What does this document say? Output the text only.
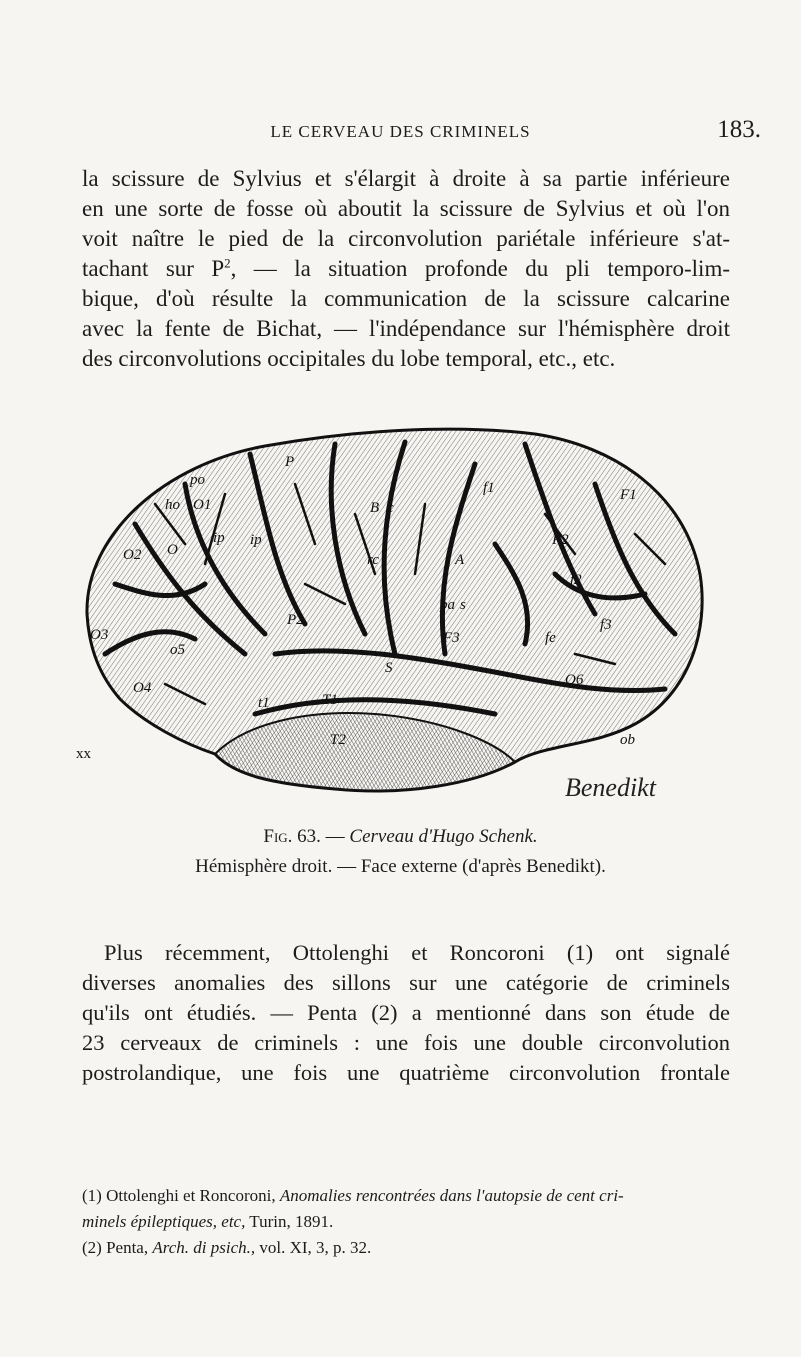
LE CERVEAU DES CRIMINELS	183.

la scissure de Sylvius et s'élargit à droite à sa partie inférieure
en une sorte de fosse où aboutit la scissure de Sylvius et où l'on
voit naître le pied de la circonvolution pariétale inférieure s'at-
tachant sur $P^2$, — la situation profonde du pli temporo-lim-
bique, d'où résulte la communication de la scissure calcarine
avec la fente de Bichat, — l'indépendance sur l'hémisphère droit
des circonvolutions occipitales du lobe temporal, etc., etc.

po
ho O1
ip ip
O2 O
O3
O4
o5
xx
P
P2
B c
rc	A
f1	F1
F2
f2
pa s
F3
f3
fe
S
t1	T1
T2
O6
ob
Benedikt
Fig. 63. — Cerveau d'Hugo Schenk.
Hémisphère droit. — Face externe (d'après Benedikt).

Plus récemment, Ottolenghi et Roncoroni (1) ont signalé
diverses anomalies des sillons sur une catégorie de criminels
qu'ils ont étudiés. — Penta (2) a mentionné dans son étude de
23 cerveaux de criminels : une fois une double circonvolution
postrolandique, une fois une quatrième circonvolution frontale

(1) Ottolenghi et Roncoroni, Anomalies rencontrées dans l'autopsie de cent cri-
minels épileptiques, etc, Turin, 1891.
(2) Penta, Arch. di psich., vol. XI, 3, p. 32.
